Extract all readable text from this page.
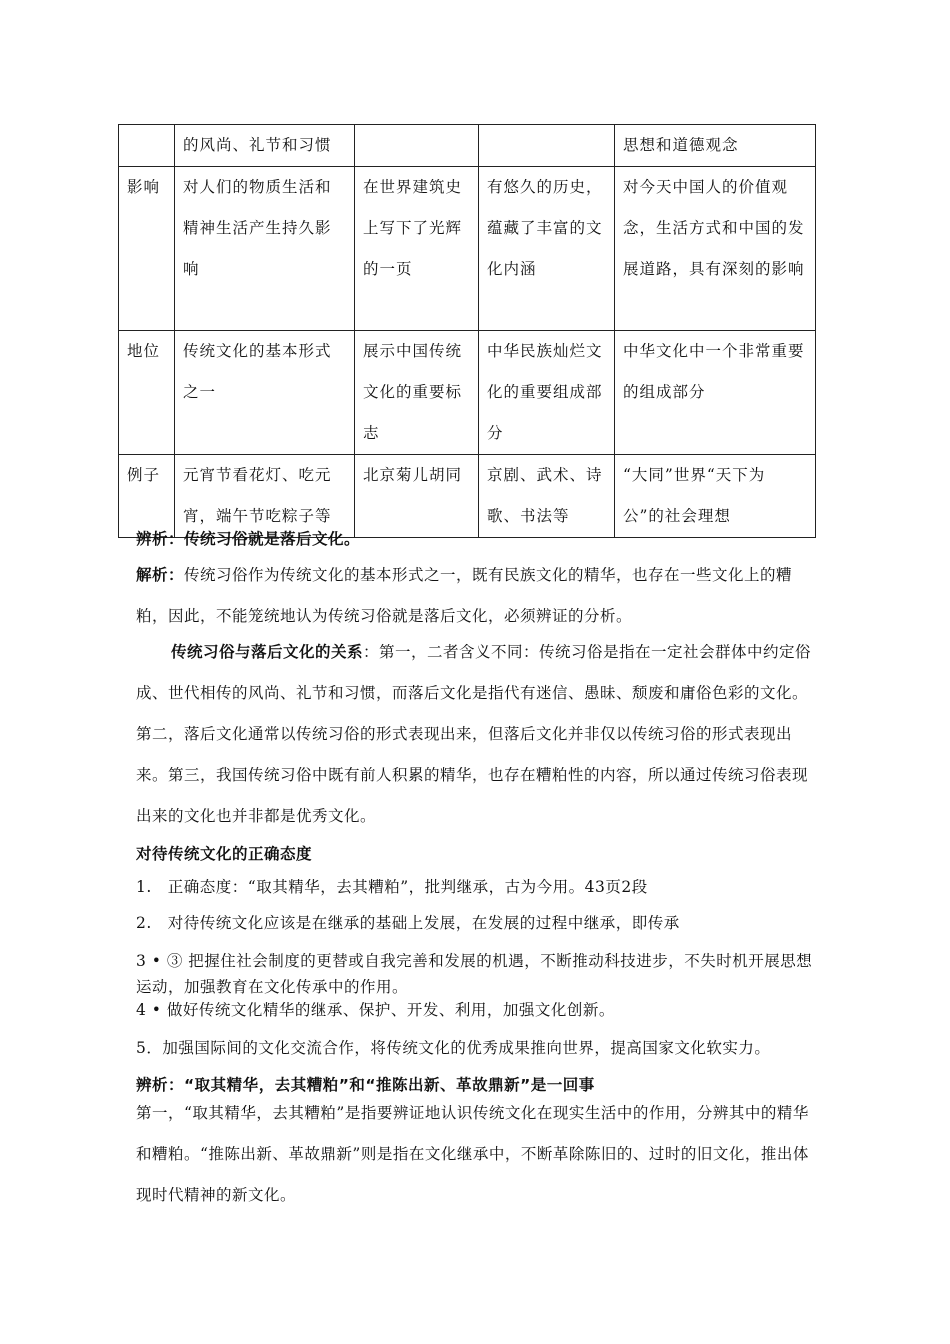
	的风尚、礼节和习惯			思想和道德观念
影响	对人们的物质生活和精神生活产生持久影响	在世界建筑史上写下了光辉的一页	有悠久的历史，蕴藏了丰富的文化内涵	对今天中国人的价值观念，生活方式和中国的发展道路，具有深刻的影响
地位	传统文化的基本形式之一	展示中国传统文化的重要标志	中华民族灿烂文化的重要组成部分	中华文化中一个非常重要的组成部分
例子	元宵节看花灯、吃元宵，端午节吃粽子等	北京菊儿胡同	京剧、武术、诗歌、书法等	“大同”世界“天下为公”的社会理想
辨析：传统习俗就是落后文化。
解析：传统习俗作为传统文化的基本形式之一，既有民族文化的精华，也存在一些文化上的糟粕，因此，不能笼统地认为传统习俗就是落后文化，必须辨证的分析。
传统习俗与落后文化的关系：第一，二者含义不同：传统习俗是指在一定社会群体中约定俗成、世代相传的风尚、礼节和习惯，而落后文化是指代有迷信、愚昧、颓废和庸俗色彩的文化。第二，落后文化通常以传统习俗的形式表现出来，但落后文化并非仅以传统习俗的形式表现出来。第三，我国传统习俗中既有前人积累的精华，也存在糟粕性的内容，所以通过传统习俗表现出来的文化也并非都是优秀文化。
对待传统文化的正确态度
1.　正确态度：“取其精华，去其糟粕”，批判继承，古为今用。43页2段
2.　对待传统文化应该是在继承的基础上发展，在发展的过程中继承，即传承
3 • ③ 把握住社会制度的更替或自我完善和发展的机遇，不断推动科技进步，不失时机开展思想运动，加强教育在文化传承中的作用。
4 • 做好传统文化精华的继承、保护、开发、利用，加强文化创新。
5．加强国际间的文化交流合作，将传统文化的优秀成果推向世界，提高国家文化软实力。
辨析：“取其精华，去其糟粕”和“推陈出新、革故鼎新”是一回事
第一，“取其精华，去其糟粕”是指要辨证地认识传统文化在现实生活中的作用，分辨其中的精华和糟粕。“推陈出新、革故鼎新”则是指在文化继承中，不断革除陈旧的、过时的旧文化，推出体现时代精神的新文化。
